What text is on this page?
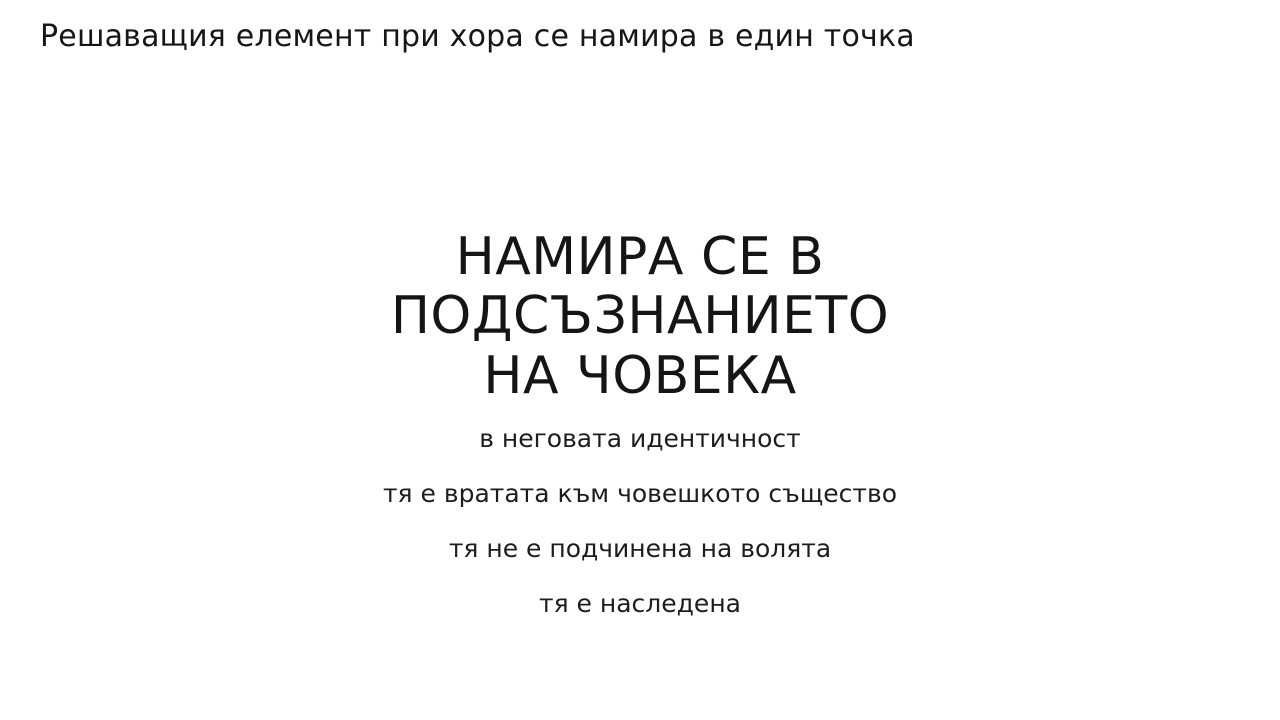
Решаващия елемент при хора се намира в един точка
НАМИРА СЕ В
ПОДСЪЗНАНИЕТО
НА ЧОВЕКА

в неговата идентичност

тя е вратата към човешкото същество

тя не е подчинена на волята

тя е наследена
